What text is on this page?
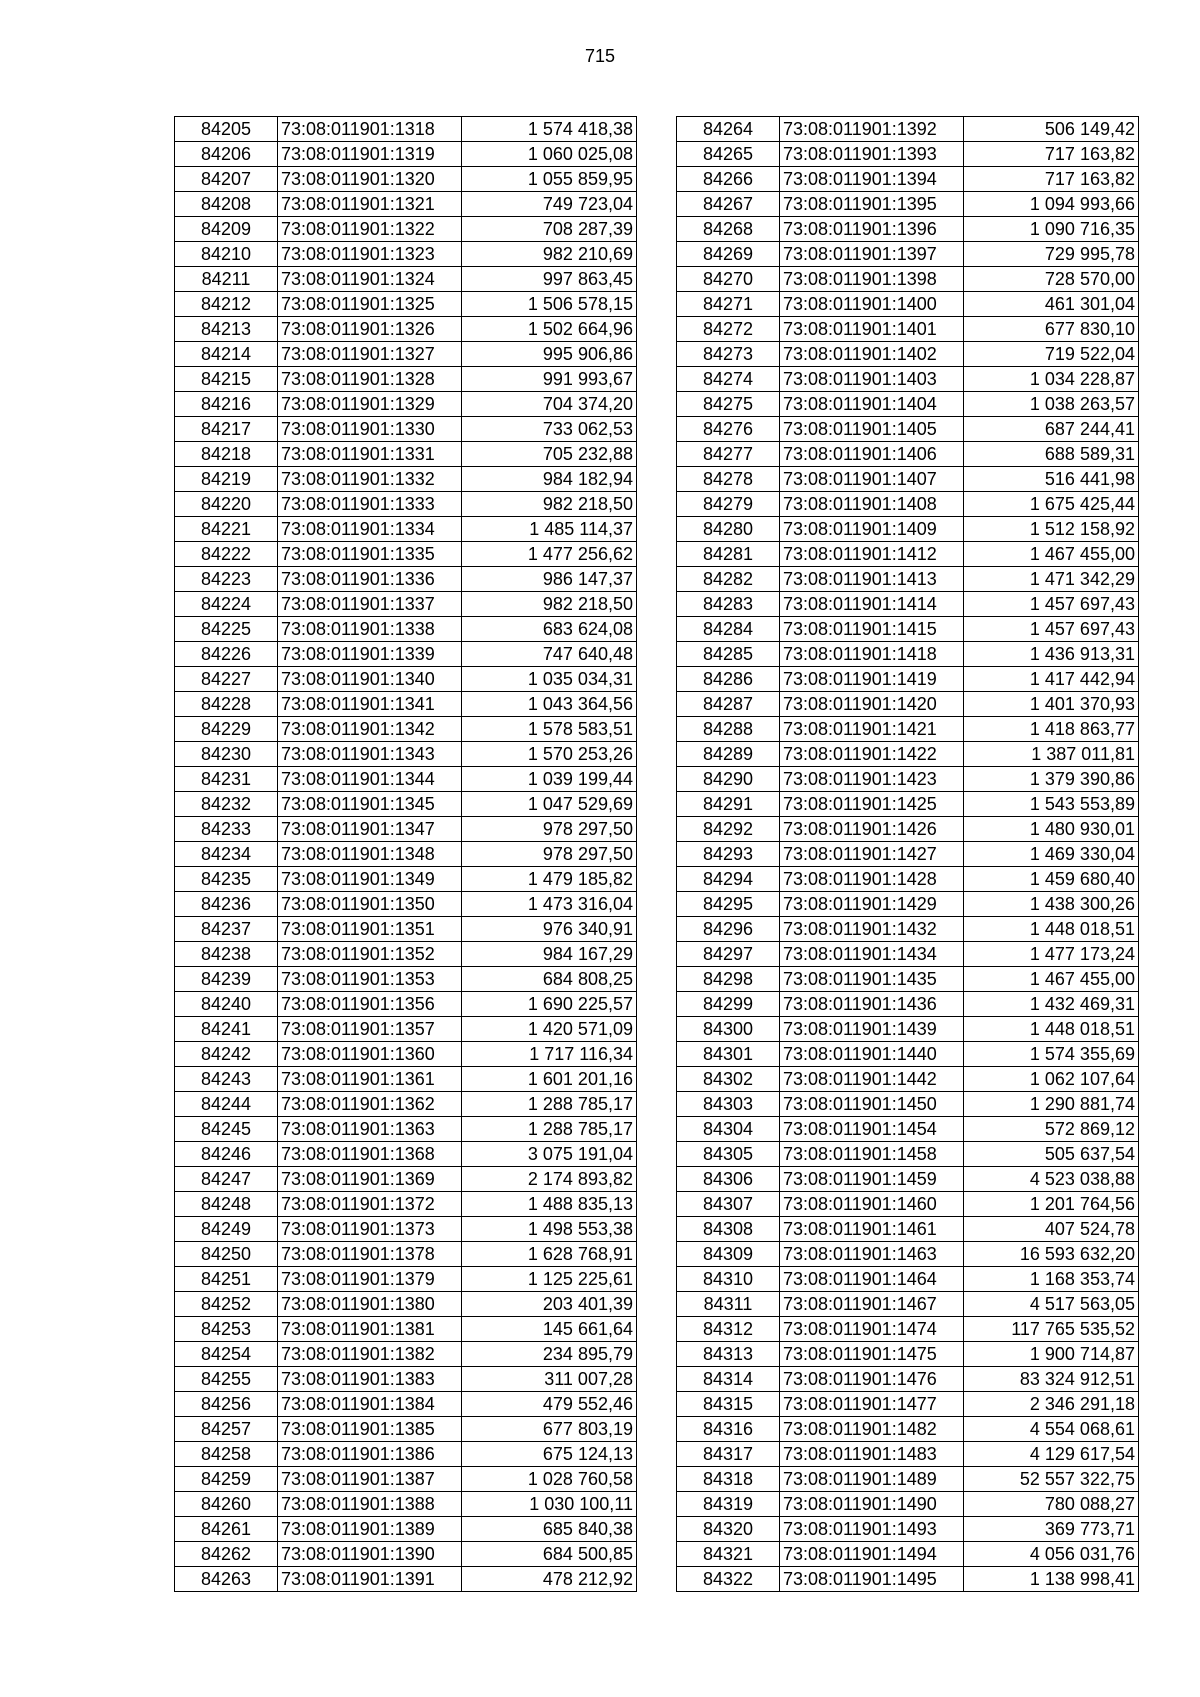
715
84205	73:08:011901:1318	1 574 418,38
84206	73:08:011901:1319	1 060 025,08
84207	73:08:011901:1320	1 055 859,95
84208	73:08:011901:1321	749 723,04
84209	73:08:011901:1322	708 287,39
84210	73:08:011901:1323	982 210,69
84211	73:08:011901:1324	997 863,45
84212	73:08:011901:1325	1 506 578,15
84213	73:08:011901:1326	1 502 664,96
84214	73:08:011901:1327	995 906,86
84215	73:08:011901:1328	991 993,67
84216	73:08:011901:1329	704 374,20
84217	73:08:011901:1330	733 062,53
84218	73:08:011901:1331	705 232,88
84219	73:08:011901:1332	984 182,94
84220	73:08:011901:1333	982 218,50
84221	73:08:011901:1334	1 485 114,37
84222	73:08:011901:1335	1 477 256,62
84223	73:08:011901:1336	986 147,37
84224	73:08:011901:1337	982 218,50
84225	73:08:011901:1338	683 624,08
84226	73:08:011901:1339	747 640,48
84227	73:08:011901:1340	1 035 034,31
84228	73:08:011901:1341	1 043 364,56
84229	73:08:011901:1342	1 578 583,51
84230	73:08:011901:1343	1 570 253,26
84231	73:08:011901:1344	1 039 199,44
84232	73:08:011901:1345	1 047 529,69
84233	73:08:011901:1347	978 297,50
84234	73:08:011901:1348	978 297,50
84235	73:08:011901:1349	1 479 185,82
84236	73:08:011901:1350	1 473 316,04
84237	73:08:011901:1351	976 340,91
84238	73:08:011901:1352	984 167,29
84239	73:08:011901:1353	684 808,25
84240	73:08:011901:1356	1 690 225,57
84241	73:08:011901:1357	1 420 571,09
84242	73:08:011901:1360	1 717 116,34
84243	73:08:011901:1361	1 601 201,16
84244	73:08:011901:1362	1 288 785,17
84245	73:08:011901:1363	1 288 785,17
84246	73:08:011901:1368	3 075 191,04
84247	73:08:011901:1369	2 174 893,82
84248	73:08:011901:1372	1 488 835,13
84249	73:08:011901:1373	1 498 553,38
84250	73:08:011901:1378	1 628 768,91
84251	73:08:011901:1379	1 125 225,61
84252	73:08:011901:1380	203 401,39
84253	73:08:011901:1381	145 661,64
84254	73:08:011901:1382	234 895,79
84255	73:08:011901:1383	311 007,28
84256	73:08:011901:1384	479 552,46
84257	73:08:011901:1385	677 803,19
84258	73:08:011901:1386	675 124,13
84259	73:08:011901:1387	1 028 760,58
84260	73:08:011901:1388	1 030 100,11
84261	73:08:011901:1389	685 840,38
84262	73:08:011901:1390	684 500,85
84263	73:08:011901:1391	478 212,92
84264	73:08:011901:1392	506 149,42
84265	73:08:011901:1393	717 163,82
84266	73:08:011901:1394	717 163,82
84267	73:08:011901:1395	1 094 993,66
84268	73:08:011901:1396	1 090 716,35
84269	73:08:011901:1397	729 995,78
84270	73:08:011901:1398	728 570,00
84271	73:08:011901:1400	461 301,04
84272	73:08:011901:1401	677 830,10
84273	73:08:011901:1402	719 522,04
84274	73:08:011901:1403	1 034 228,87
84275	73:08:011901:1404	1 038 263,57
84276	73:08:011901:1405	687 244,41
84277	73:08:011901:1406	688 589,31
84278	73:08:011901:1407	516 441,98
84279	73:08:011901:1408	1 675 425,44
84280	73:08:011901:1409	1 512 158,92
84281	73:08:011901:1412	1 467 455,00
84282	73:08:011901:1413	1 471 342,29
84283	73:08:011901:1414	1 457 697,43
84284	73:08:011901:1415	1 457 697,43
84285	73:08:011901:1418	1 436 913,31
84286	73:08:011901:1419	1 417 442,94
84287	73:08:011901:1420	1 401 370,93
84288	73:08:011901:1421	1 418 863,77
84289	73:08:011901:1422	1 387 011,81
84290	73:08:011901:1423	1 379 390,86
84291	73:08:011901:1425	1 543 553,89
84292	73:08:011901:1426	1 480 930,01
84293	73:08:011901:1427	1 469 330,04
84294	73:08:011901:1428	1 459 680,40
84295	73:08:011901:1429	1 438 300,26
84296	73:08:011901:1432	1 448 018,51
84297	73:08:011901:1434	1 477 173,24
84298	73:08:011901:1435	1 467 455,00
84299	73:08:011901:1436	1 432 469,31
84300	73:08:011901:1439	1 448 018,51
84301	73:08:011901:1440	1 574 355,69
84302	73:08:011901:1442	1 062 107,64
84303	73:08:011901:1450	1 290 881,74
84304	73:08:011901:1454	572 869,12
84305	73:08:011901:1458	505 637,54
84306	73:08:011901:1459	4 523 038,88
84307	73:08:011901:1460	1 201 764,56
84308	73:08:011901:1461	407 524,78
84309	73:08:011901:1463	16 593 632,20
84310	73:08:011901:1464	1 168 353,74
84311	73:08:011901:1467	4 517 563,05
84312	73:08:011901:1474	117 765 535,52
84313	73:08:011901:1475	1 900 714,87
84314	73:08:011901:1476	83 324 912,51
84315	73:08:011901:1477	2 346 291,18
84316	73:08:011901:1482	4 554 068,61
84317	73:08:011901:1483	4 129 617,54
84318	73:08:011901:1489	52 557 322,75
84319	73:08:011901:1490	780 088,27
84320	73:08:011901:1493	369 773,71
84321	73:08:011901:1494	4 056 031,76
84322	73:08:011901:1495	1 138 998,41
